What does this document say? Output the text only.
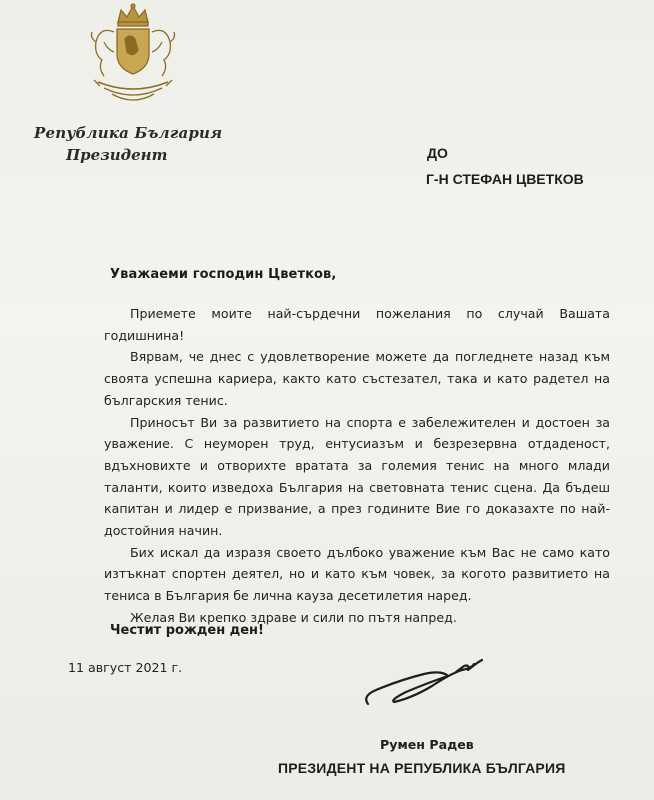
Република България
Президент	ДО
Г-Н СТЕФАН ЦВЕТКОВ
Уважаеми господин Цветков,

Приемете моите най-сърдечни пожелания по случай Вашата годишнина!

Вярвам, че днес с удовлетворение можете да погледнете назад към своята успешна кариера, както като състезател, така и като радетел на българския тенис.

Приносът Ви за развитието на спорта е забележителен и достоен за уважение. С неуморен труд, ентусиазъм и безрезервна отдаденост, вдъхновихте и отворихте вратата за големия тенис на много млади таланти, които изведоха България на световната тенис сцена. Да бъдеш капитан и лидер е призвание, а през годините Вие го доказахте по най-достойния начин.

Бих искал да изразя своето дълбоко уважение към Вас не само като изтъкнат спортен деятел, но и като към човек, за когото развитието на тениса в България бе лична кауза десетилетия наред.

Желая Ви крепко здраве и сили по пътя напред.

Честит рожден ден!
11 август 2021 г.
Румен Радев
ПРЕЗИДЕНТ НА РЕПУБЛИКА БЪЛГАРИЯ
